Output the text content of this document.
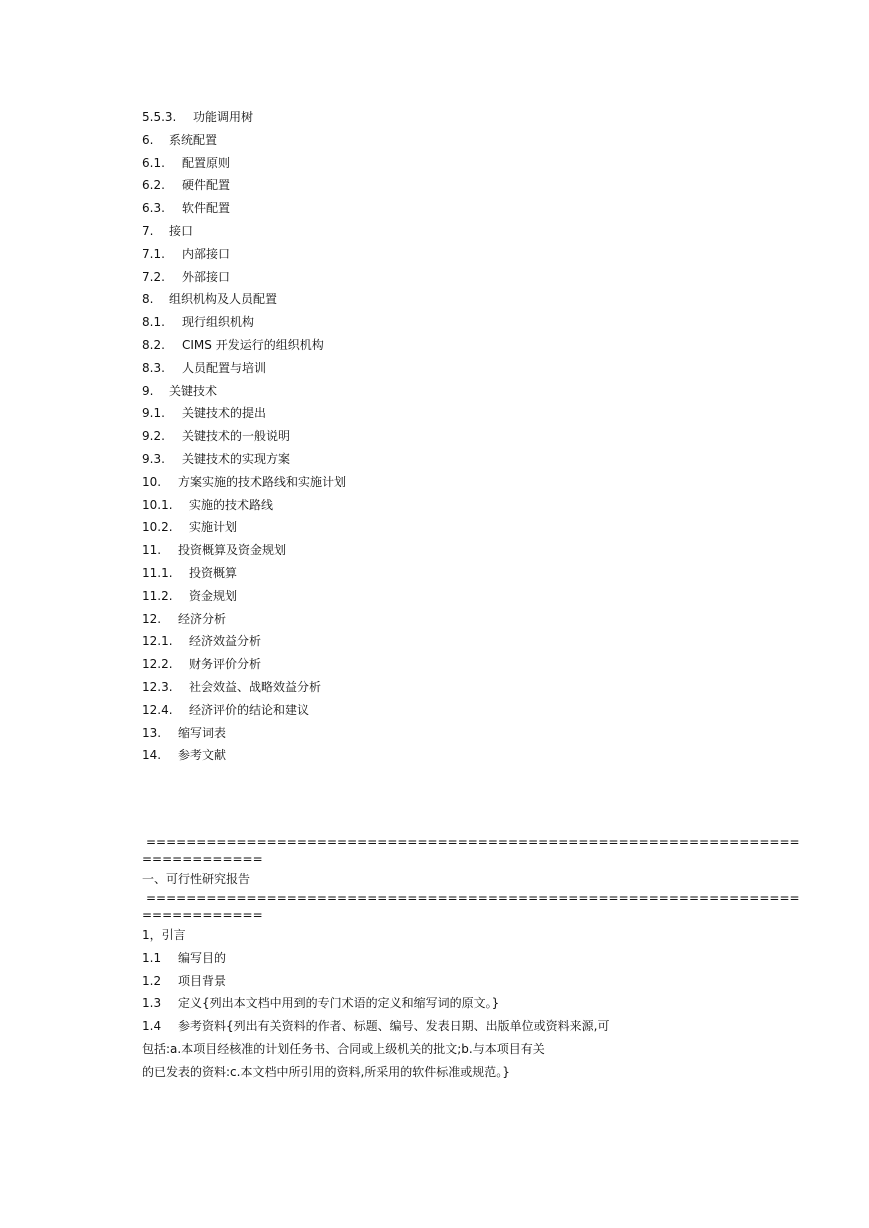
5.5.3.	功能调用树
6.	系统配置
6.1.	配置原则
6.2.	硬件配置
6.3.	软件配置
7.	接口
7.1.	内部接口
7.2.	外部接口
8.	组织机构及人员配置
8.1.	现行组织机构
8.2.	CIMS 开发运行的组织机构
8.3.	人员配置与培训
9.	关键技术
9.1.	关键技术的提出
9.2.	关键技术的一般说明
9.3.	关键技术的实现方案
10.	方案实施的技术路线和实施计划
10.1.	实施的技术路线
10.2.	实施计划
11.	投资概算及资金规划
11.1.	投资概算
11.2.	资金规划
12.	经济分析
12.1.	经济效益分析
12.2.	财务评价分析
12.3.	社会效益、战略效益分析
12.4.	经济评价的结论和建议
13.	缩写词表
14.	参考文献
=================================================================
============
一、可行性研究报告
=================================================================
============
1，引言
1.1 编写目的
1.2 项目背景
1.3 定义{列出本文档中用到的专门术语的定义和缩写词的原文。}
1.4 参考资料{列出有关资料的作者、标题、编号、发表日期、出版单位或资料来源,可
包括:a.本项目经核准的计划任务书、合同或上级机关的批文;b.与本项目有关
的已发表的资料:c.本文档中所引用的资料,所采用的软件标准或规范。}
